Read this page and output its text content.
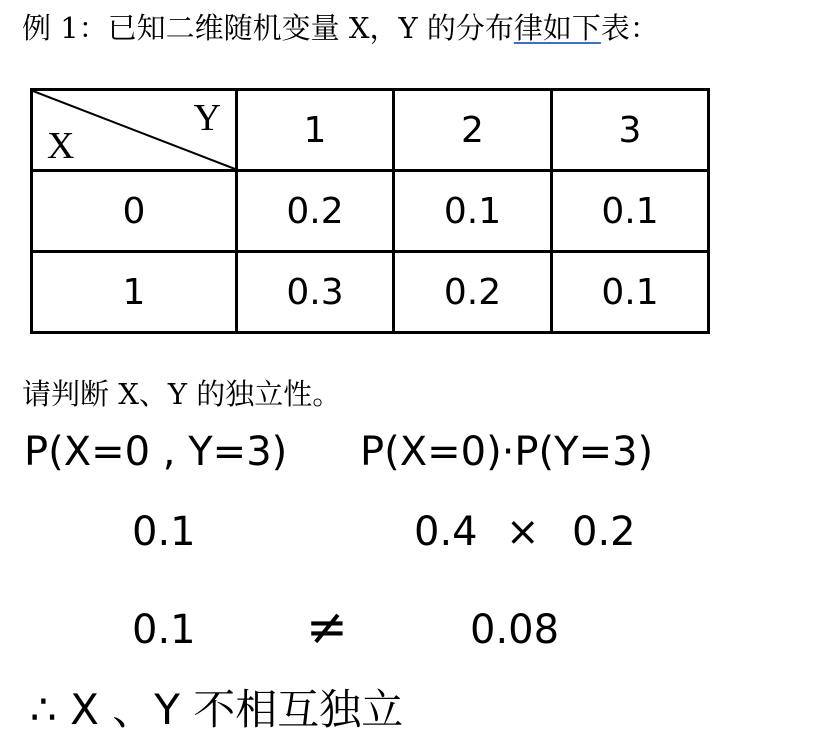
例 1：已知二维随机变量 X，Y 的分布律如下表：
Y
X	1	2	3
0	0.2	0.1	0.1
1	0.3	0.2	0.1
请判断 X、Y 的独立性。
P(X=0 , Y=3) P(X=0)·P(Y=3)
0.1	0.4 × 0.2
0.1 ≠	0.08
∴ X 、Y 不相互独立
